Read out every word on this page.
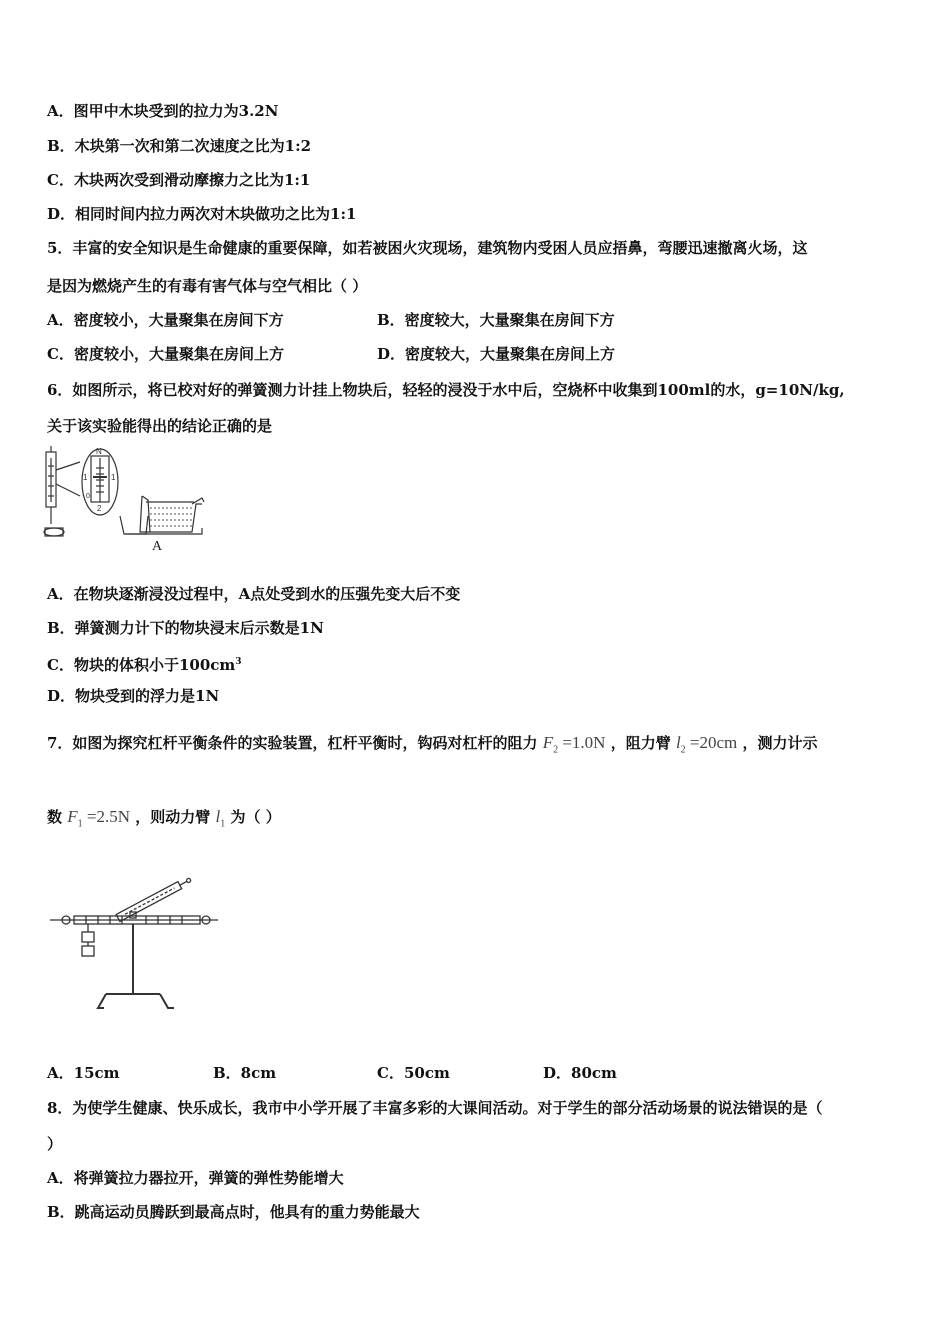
A．图甲中木块受到的拉力为3.2N
B．木块第一次和第二次速度之比为1:2
C．木块两次受到滑动摩擦力之比为1:1
D．相同时间内拉力两次对木块做功之比为1:1
5．丰富的安全知识是生命健康的重要保障，如若被困火灾现场，建筑物内受困人员应捂鼻，弯腰迅速撤离火场，这
是因为燃烧产生的有毒有害气体与空气相比（ ）
A．密度较小，大量聚集在房间下方	B．密度较大，大量聚集在房间下方
C．密度较小，大量聚集在房间上方	D．密度较大，大量聚集在房间上方
6．如图所示，将已校对好的弹簧测力计挂上物块后，轻轻的浸没于水中后，空烧杯中收集到100ml的水，g=10N/kg,
关于该实验能得出的结论正确的是
N
1	1
0
2
A
A．在物块逐渐浸没过程中，A点处受到水的压强先变大后不变
B．弹簧测力计下的物块浸末后示数是1N
C．物块的体积小于$100cm^3$
D．物块受到的浮力是1N
7．如图为探究杠杆平衡条件的实验装置，杠杆平衡时，钩码对杠杆的阻力 $F_2 =1.0N$ ，阻力臂 $l_2 =20cm$ ，测力计示
数 $F_1 =2.5N$ ，则动力臂 $l_1$ 为（ ）
A．15cm	B．8cm	C．50cm	D．80cm
8．为使学生健康、快乐成长，我市中小学开展了丰富多彩的大课间活动。对于学生的部分活动场景的说法错误的是（
）
A．将弹簧拉力器拉开，弹簧的弹性势能增大
B．跳高运动员腾跃到最高点时，他具有的重力势能最大
